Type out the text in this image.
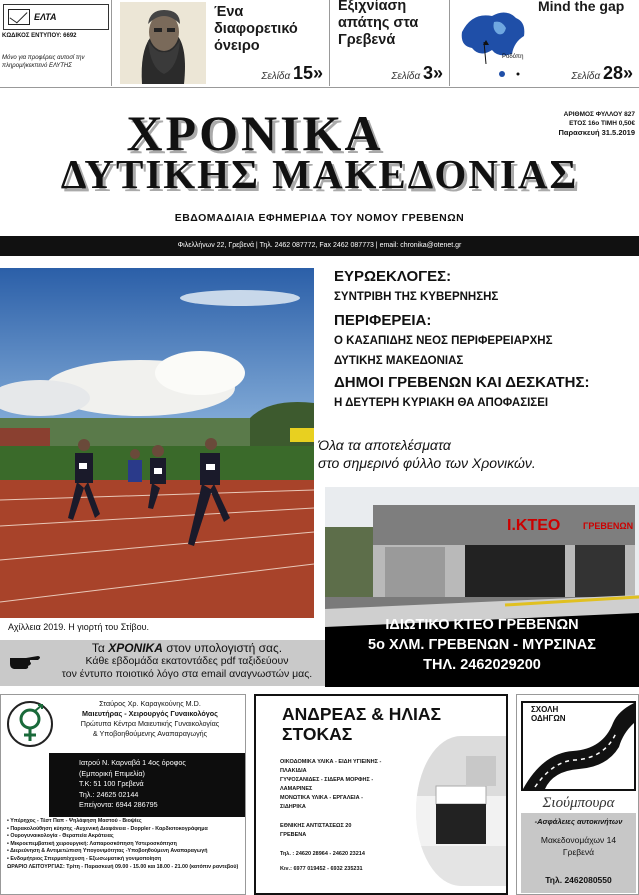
ΕΛΤΑ
ΚΩΔΙΚΟΣ ΕΝΤΥΠΟΥ: 6692
Μόνο για προφέρεις αυτοσί την πληρομήκεκπενό ΕΛΥΤΗΣ
Ένα διαφορετικό όνειρο
Σελίδα 15»
Εξιχνίαση απάτης στα Γρεβενά
Σελίδα 3»
Ροδόπη
Mind the gap
Σελίδα 28»
ΧΡΟΝΙΚΑ
ΔΥΤΙΚΗΣ ΜΑΚΕΔΟΝΙΑΣ
ΕΒΔΟΜΑΔΙΑΙΑ ΕΦΗΜΕΡΙΔΑ ΤΟΥ ΝΟΜΟΥ ΓΡΕΒΕΝΩΝ
ΑΡΙΘΜΟΣ ΦΥΛΛΟΥ 827
ΕΤΟΣ 16ο ΤΙΜΗ 0,50€
Παρασκευή 31.5.2019
Φιλελλήνων 22, Γρεβενά | Τηλ. 2462 087772, Fax 2462 087773 | email: chronika@otenet.gr
Αχίλλεια 2019. Η γιορτή του Στίβου.
ΕΥΡΩΕΚΛΟΓΕΣ:
ΣΥΝΤΡΙΒΗ ΤΗΣ ΚΥΒΕΡΝΗΣΗΣ
ΠΕΡΙΦΕΡΕΙΑ:
Ο ΚΑΣΑΠΙΔΗΣ ΝΕΟΣ ΠΕΡΙΦΕΡΕΙΑΡΧΗΣ
ΔΥΤΙΚΗΣ ΜΑΚΕΔΟΝΙΑΣ
ΔΗΜΟΙ ΓΡΕΒΕΝΩΝ ΚΑΙ ΔΕΣΚΑΤΗΣ:
Η ΔΕΥΤΕΡΗ ΚΥΡΙΑΚΗ ΘΑ ΑΠΟΦΑΣΙΣΕΙ
Όλα τα αποτελέσματα
στο σημερινό φύλλο των Χρονικών.
Ι.ΚΤΕΟ	ΓΡΕΒΕΝΩΝ
ΙΔΙΩΤΙΚΟ ΚΤΕΟ ΓΡΕΒΕΝΩΝ
5ο ΧΛΜ. ΓΡΕΒΕΝΩΝ - ΜΥΡΣΙΝΑΣ
ΤΗΛ. 2462029200
Τα ΧΡΟΝΙΚΑ στον υπολογιστή σας.
Κάθε εβδομάδα εκατοντάδες pdf ταξιδεύουν
τον έντυπο ποιοτικό λόγο στα email αναγνωστών μας.
Σταύρος Χρ. Καραγκούνης M.D.
Μαιευτήρας - Χειρουργός Γυναικολόγος
Πρώτυπα Κέντρα Μαιευτικής Γυναικολογίας
& Υποβοηθούμενης Αναπαραγωγής
Ιατρού Ν. Καρναβά 1 4ος όροφος
(Εμπορική Επιμελία)
Τ.Κ: 51 100 Γρεβενά
Τηλ.: 24625 02144
Επείγοντα: 6944 286795
• Υπέρηχος - Τέστ Παπ - Ψηλάφηση Μαστού - Βιοψίες
• Παρακολούθηση κύησης -Αυχενική Διαφάνεια - Doppler - Καρδιοτοκογράφημα
• Ουρογυναικολογία - Θεραπεία Ακράτειας
• Μικροεπεμβατική χειρουργική: Λαπαροσκόπηση Υστεροσκόπηση
• Διερεύνηση & Αντιμετώπιση Υπογονιμότητας -Υποβοηθούμενη Αναπαραγωγή
• Ενδομήτριος Σπερματέγχυση - Εξωσωματική γονιμοποίηση
ΩΡΑΡΙΟ ΛΕΙΤΟΥΡΓΙΑΣ: Τρίτη - Παρασκευή 09.00 - 15.00 και 18.00 - 21.00 (κατόπιν ραντεβού)
ΑΝΔΡΕΑΣ & ΗΛΙΑΣ
ΣΤΟΚΑΣ
ΟΙΚΟΔΟΜΙΚΑ ΥΛΙΚΑ - ΕΙΔΗ ΥΓΙΕΙΝΗΣ -
ΠΛΑΚΙΔΙΑ
ΓΥΨΟΣΑΝΙΔΕΣ - ΣΙΔΕΡΑ ΜΟΡΦΗΣ -
ΛΑΜΑΡΙΝΕΣ
ΜΟΝΩΤΙΚΑ ΥΛΙΚΑ - ΕΡΓΑΛΕΙΑ -
ΣΙΔΗΡΙΚΑ
ΕΘΝΙΚΗΣ ΑΝΤΙΣΤΑΣΕΩΣ 20
ΓΡΕΒΕΝΑ
Τηλ. : 24620 28964 - 24620 23214
Κιν.: 6977 019452 - 6932 235231
ΣΧΟΛΗ
ΟΔΗΓΩΝ
Σιούμπουρα
-Ασφάλειες αυτοκινήτων
Μακεδονομάχων 14
Γρεβενά
Τηλ. 2462080550
